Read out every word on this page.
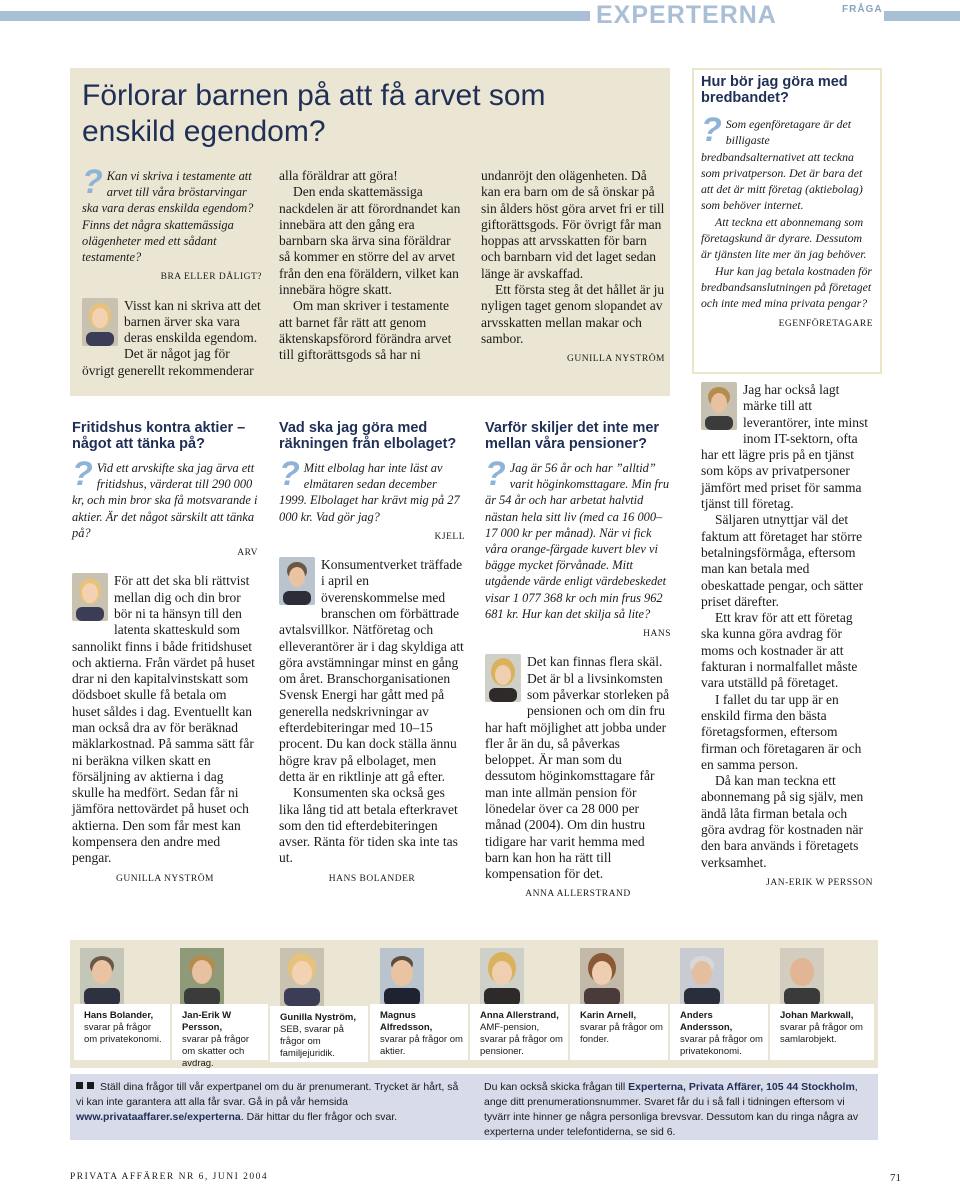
EXPERTERNA	FRÅGA
Förlorar barnen på att få arvet som enskild egendom?
? Kan vi skriva i testamente att arvet till våra bröstarvingar ska vara deras enskilda egendom? Finns det några skattemässiga olägenheter med ett sådant testamente?
BRA ELLER DÅLIGT?
Visst kan ni skriva att det barnen ärver ska vara deras enskilda egendom. Det är något jag för övrigt generellt rekommenderar
alla föräldrar att göra!
Den enda skattemässiga nackdelen är att förordnandet kan innebära att den gång era barnbarn ska ärva sina föräldrar så kommer en större del av arvet från den ena föräldern, vilket kan innebära högre skatt.
Om man skriver i testamente att barnet får rätt att genom äktenskapsförord förändra arvet till giftorättsgods så har ni
undanröjt den olägenheten. Då kan era barn om de så önskar på sin ålders höst göra arvet fri er till giftorättsgods. För övrigt får man hoppas att arvsskatten för barn och barnbarn vid det laget sedan länge är avskaffad.
Ett första steg åt det hållet är ju nyligen taget genom slopandet av arvsskatten mellan makar och sambor.
GUNILLA NYSTRÖM
Fritidshus kontra aktier – något att tänka på?
? Vid ett arvskifte ska jag ärva ett fritidshus, värderat till 290 000 kr, och min bror ska få motsvarande i aktier. Är det något särskilt att tänka på?
ARV
För att det ska bli rättvist mellan dig och din bror bör ni ta hänsyn till den latenta skatteskuld som sannolikt finns i både fritidshuset och aktierna. Från värdet på huset drar ni den kapitalvinstskatt som dödsboet skulle få betala om huset såldes i dag. Eventuellt kan man också dra av för beräknad mäklarkostnad. På samma sätt får ni beräkna vilken skatt en försäljning av aktierna i dag skulle ha medfört. Sedan får ni jämföra nettovärdet på huset och aktierna. Den som får mest kan kompensera den andre med pengar.
GUNILLA NYSTRÖM
Vad ska jag göra med räkningen från elbolaget?
? Mitt elbolag har inte läst av elmätaren sedan december 1999. Elbolaget har krävt mig på 27 000 kr. Vad gör jag?
KJELL
Konsumentverket träffade i april en överenskommelse med branschen om förbättrade avtalsvillkor. Nätföretag och elleverantörer är i dag skyldiga att göra avstämningar minst en gång om året. Branschorganisationen Svensk Energi har gått med på generella nedskrivningar av efterdebiteringar med 10–15 procent. Du kan dock ställa ännu högre krav på elbolaget, men detta är en riktlinje att gå efter.
Konsumenten ska också ges lika lång tid att betala efterkravet som den tid efterdebiteringen avser. Ränta för tiden ska inte tas ut.
HANS BOLANDER
Varför skiljer det inte mer mellan våra pensioner?
? Jag är 56 år och har ”alltid” varit höginkomsttagare. Min fru är 54 år och har arbetat halvtid nästan hela sitt liv (med ca 16 000–17 000 kr per månad). När vi fick våra orange-färgade kuvert blev vi bägge mycket förvånade. Mitt utgående värde enligt värdebeskedet visar 1 077 368 kr och min frus 962 681 kr. Hur kan det skilja så lite?
HANS
Det kan finnas flera skäl. Det är bl a livsinkomsten som påverkar storleken på pensionen och om din fru har haft möjlighet att jobba under fler år än du, så påverkas beloppet. Är man som du dessutom höginkomsttagare får man inte allmän pension för lönedelar över ca 28 000 per månad (2004). Om din hustru tidigare har varit hemma med barn kan hon ha rätt till kompensation för det.
ANNA ALLERSTRAND
Hur bör jag göra med bredbandet?
? Som egenföretagare är det billigaste bredbandsalternativet att teckna som privatperson. Det är bara det att det är mitt företag (aktiebolag) som behöver internet.
Att teckna ett abonnemang som företagskund är dyrare. Dessutom är tjänsten lite mer än jag behöver.
Hur kan jag betala kostnaden för bredbandsanslutningen på företaget och inte med mina privata pengar?
EGENFÖRETAGARE
Jag har också lagt märke till att leverantörer, inte minst inom IT-sektorn, ofta har ett lägre pris på en tjänst som köps av privatpersoner jämfört med priset för samma tjänst till företag.
Säljaren utnyttjar väl det faktum att företaget har större betalningsförmåga, eftersom man kan betala med obeskattade pengar, och sätter priset därefter.
Ett krav för att ett företag ska kunna göra avdrag för moms och kostnader är att fakturan i normalfallet måste vara utställd på företaget.
I fallet du tar upp är en enskild firma den bästa företagsformen, eftersom firman och företagaren är och en samma person.
Då kan man teckna ett abonnemang på sig själv, men ändå låta firman betala och göra avdrag för kostnaden när den bara används i företagets verksamhet.
JAN-ERIK W PERSSON
Hans Bolander,
svarar på frågor om privatekonomi.
Jan-Erik W Persson,
svarar på frågor om skatter och avdrag.
Gunilla Nyström,
SEB, svarar på frågor om familjejuridik.
Magnus Alfredsson,
svarar på frågor om aktier.
Anna Allerstrand,
AMF-pension, svarar på frågor om pensioner.
Karin Arnell,
svarar på frågor om fonder.
Anders Andersson,
svarar på frågor om privatekonomi.
Johan Markwall,
svarar på frågor om samlarobjekt.
Ställ dina frågor till vår expertpanel om du är prenumerant. Trycket är hårt, så vi kan inte garantera att alla får svar. Gå in på vår hemsida www.privataaffarer.se/experterna. Där hittar du fler frågor och svar.
Du kan också skicka frågan till Experterna, Privata Affärer, 105 44 Stockholm, ange ditt prenumerationsnummer. Svaret får du i så fall i tidningen eftersom vi tyvärr inte hinner ge några personliga brevsvar. Dessutom kan du ringa några av experterna under telefontiderna, se sid 6.
PRIVATA AFFÄRER NR 6, JUNI 2004	71
